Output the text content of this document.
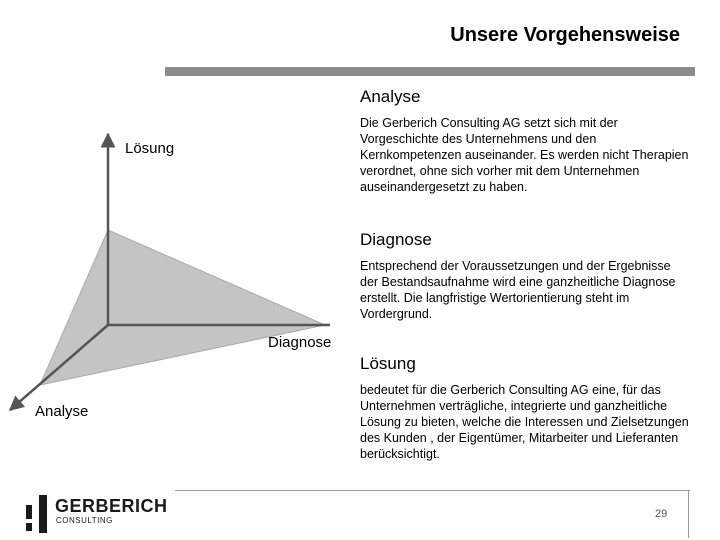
Unsere Vorgehensweise
Lösung
Diagnose
Analyse
Analyse
Die Gerberich Consulting AG setzt sich mit der Vorgeschichte des Unternehmens und den Kernkompetenzen auseinander. Es werden nicht Therapien verordnet, ohne sich vorher mit dem Unternehmen auseinandergesetzt zu haben.
Diagnose
Entsprechend der Voraussetzungen und der Ergebnisse der Bestandsaufnahme wird eine ganzheitliche Diagnose erstellt. Die langfristige Wertorientierung steht im Vordergrund.
Lösung
bedeutet für die Gerberich Consulting AG eine, für das Unternehmen verträgliche, integrierte und ganzheitliche Lösung zu bieten, welche die Interessen und Zielsetzungen des Kunden , der Eigentümer, Mitarbeiter und Lieferanten berücksichtigt.
29
GERBERICH
CONSULTING
